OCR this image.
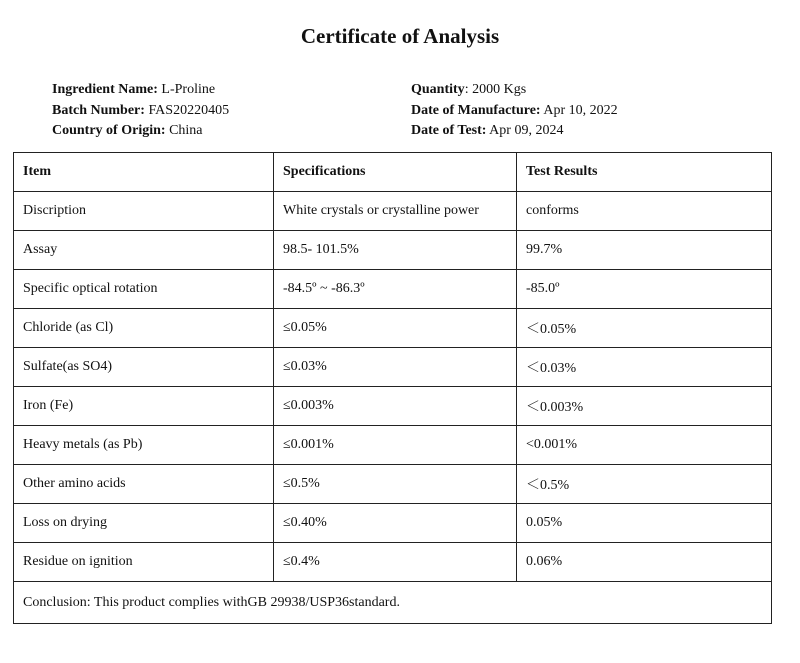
Certificate of Analysis
Ingredient Name: L-Proline
Batch Number: FAS20220405
Country of Origin: China
Quantity: 2000 Kgs
Date of Manufacture: Apr 10, 2022
Date of Test: Apr 09, 2024
Item	Specifications	Test Results
Discription	White crystals or crystalline power	conforms
Assay	98.5- 101.5%	99.7%
Specific optical rotation	-84.5º ~ -86.3º	-85.0º
Chloride (as Cl)	≤0.05%	＜0.05%
Sulfate(as SO4)	≤0.03%	＜0.03%
Iron (Fe)	≤0.003%	＜0.003%
Heavy metals (as Pb)	≤0.001%	<0.001%
Other amino acids	≤0.5%	＜0.5%
Loss on drying	≤0.40%	0.05%
Residue on ignition	≤0.4%	0.06%
Conclusion: This product complies withGB 29938/USP36standard.		
